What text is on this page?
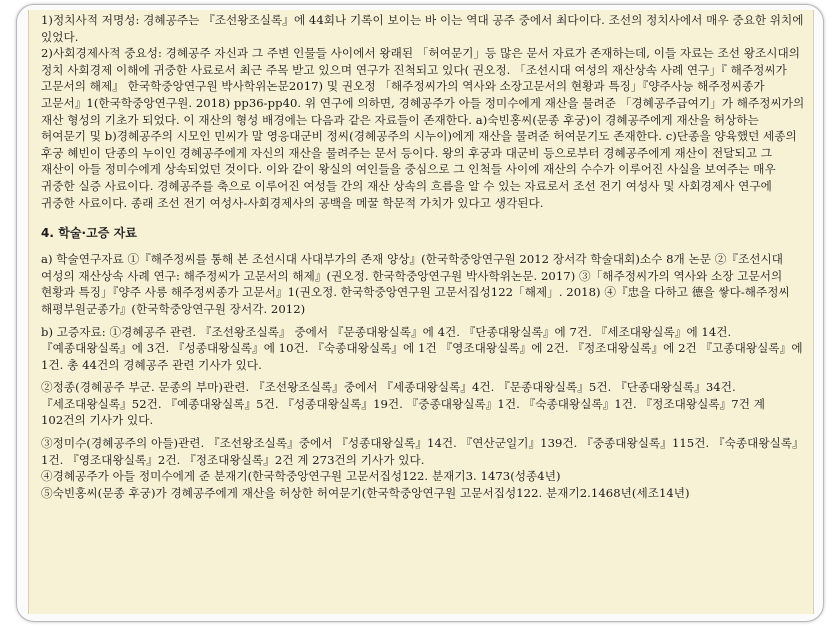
1)정치사적 저명성: 경혜공주는 『조선왕조실록』에 44회나 기록이 보이는 바 이는 역대 공주 중에서 최다이다. 조선의 정치사에서 매우 중요한 위치에 있었다.

2)사회경제사적 중요성: 경혜공주 자신과 그 주변 인물들 사이에서 왕래된 「허여문기」등 많은 문서 자료가 존재하는데, 이들 자료는 조선 왕조시대의 정치 사회경제 이해에 귀중한 사료로서 최근 주목 받고 있으며 연구가 진척되고 있다( 권오정. 「조선시대 여성의 재산상속 사례 연구」『 해주정씨가 고문서의 해제』 한국학중앙연구원 박사학위논문2017) 및 권오정 「해주정씨가의 역사와 소장고문서의 현황과 특징」『양주사능 해주정씨종가 고문서』1(한국학중앙연구원. 2018) pp36-pp40. 위 연구에 의하면, 경혜공주가 아들 정미수에게 재산을 물려준 「경혜공주급여기」가 해주정씨가의 재산 형성의 기초가 되었다. 이 재산의 형성 배경에는 다음과 같은 자료들이 존재한다. a)숙빈홍씨(문종 후궁)이 경혜공주에게 재산을 허상하는 허여문기 및 b)경혜공주의 시모인 민씨가 말 영응대군비 정씨(경혜공주의 시누이)에게 재산을 물려준 허여문기도 존재한다. c)단종을 양육했던 세종의 후궁 혜빈이 단종의 누이인 경혜공주에게 자신의 재산을 물려주는 문서 등이다. 왕의 후궁과 대군비 등으로부터 경혜공주에게 재산이 전달되고 그 재산이 아들 정미수에게 상속되었던 것이다. 이와 같이 왕실의 여인들을 중심으로 그 인척들 사이에 재산의 수수가 이루어진 사실을 보여주는 매우 귀중한 실증 사료이다. 경혜공주를 축으로 이루어진 여성들 간의 재산 상속의 흐름을 알 수 있는 자료로서 조선 전기 여성사 및 사회경제사 연구에 귀중한 사료이다. 종래 조선 전기 여성사-사회경제사의 공백을 메꿀 학문적 가치가 있다고 생각된다.

4. 학술·고증 자료

a) 학술연구자료 ①『해주정씨를 통해 본 조선시대 사대부가의 존재 양상』(한국학중앙연구원 2012 장서각 학술대회)소수 8개 논문 ②『조선시대 여성의 재산상속 사례 연구: 해주정씨가 고문서의 해제』(권오정. 한국학중앙연구원 박사학위논문. 2017) ③「해주정씨가의 역사와 소장 고문서의 현황과 특징」『양주 사릉 해주정씨종가 고문서』1(권오정. 한국학중앙연구원 고문서집성122「해제」. 2018) ④『忠을 다하고 德을 쌓다-해주정씨 해평부원군종가』(한국학중앙연구원 장서각. 2012)

b) 고증자료: ①경혜공주 관련. 『조선왕조실록』 중에서 『문종대왕실록』에 4건. 『단종대왕실록』에 7건. 『세조대왕실록』에 14건. 『예종대왕실록』에 3건. 『성종대왕실록』에 10건. 『숙종대왕실록』에 1건 『영조대왕실록』에 2건. 『정조대왕실록』에 2건 『고종대왕실록』에 1건. 총 44건의 경혜공주 관련 기사가 있다.

②정종(경혜공주 부군. 문종의 부마)관련. 『조선왕조실록』중에서 『세종대왕실록』4건. 『문종대왕실록』5건. 『단종대왕실록』34건. 『세조대왕실록』52건. 『예종대왕실록』5건. 『성종대왕실록』19건. 『중종대왕실록』1건. 『숙종대왕실록』1건. 『정조대왕실록』7건 계 102건의 기사가 있다.

③정미수(경혜공주의 아들)관련. 『조선왕조실록』중에서 『성종대왕실록』14건. 『연산군일기』139건. 『중종대왕실록』115건. 『숙종대왕실록』1건. 『영조대왕실록』2건. 『정조대왕실록』2건 계 273건의 기사가 있다.

④경혜공주가 아들 정미수에게 준 분재기(한국학중앙연구원 고문서집성122. 분재기3. 1473(성종4년)

⑤숙빈홍씨(문종 후궁)가 경혜공주에게 재산을 허상한 허여문기(한국학중앙연구원 고문서집성122. 분재기2.1468년(세조14년)
